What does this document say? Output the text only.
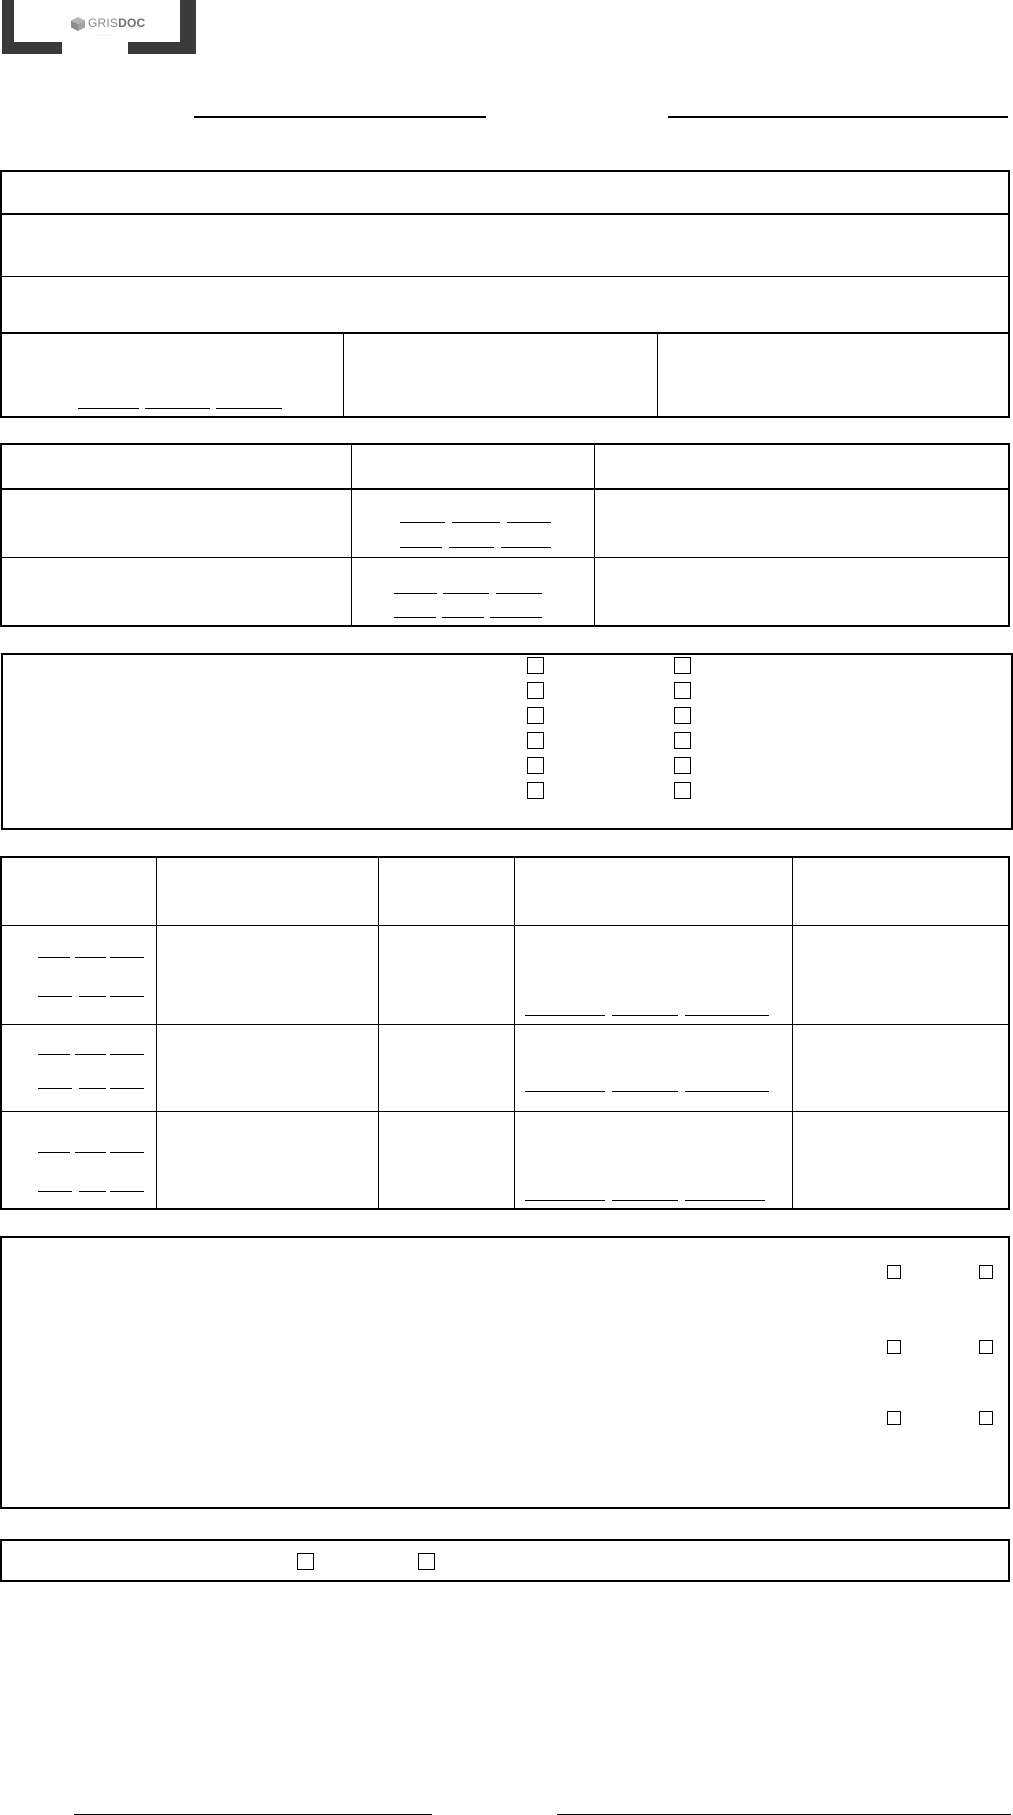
GRISDOC
············
